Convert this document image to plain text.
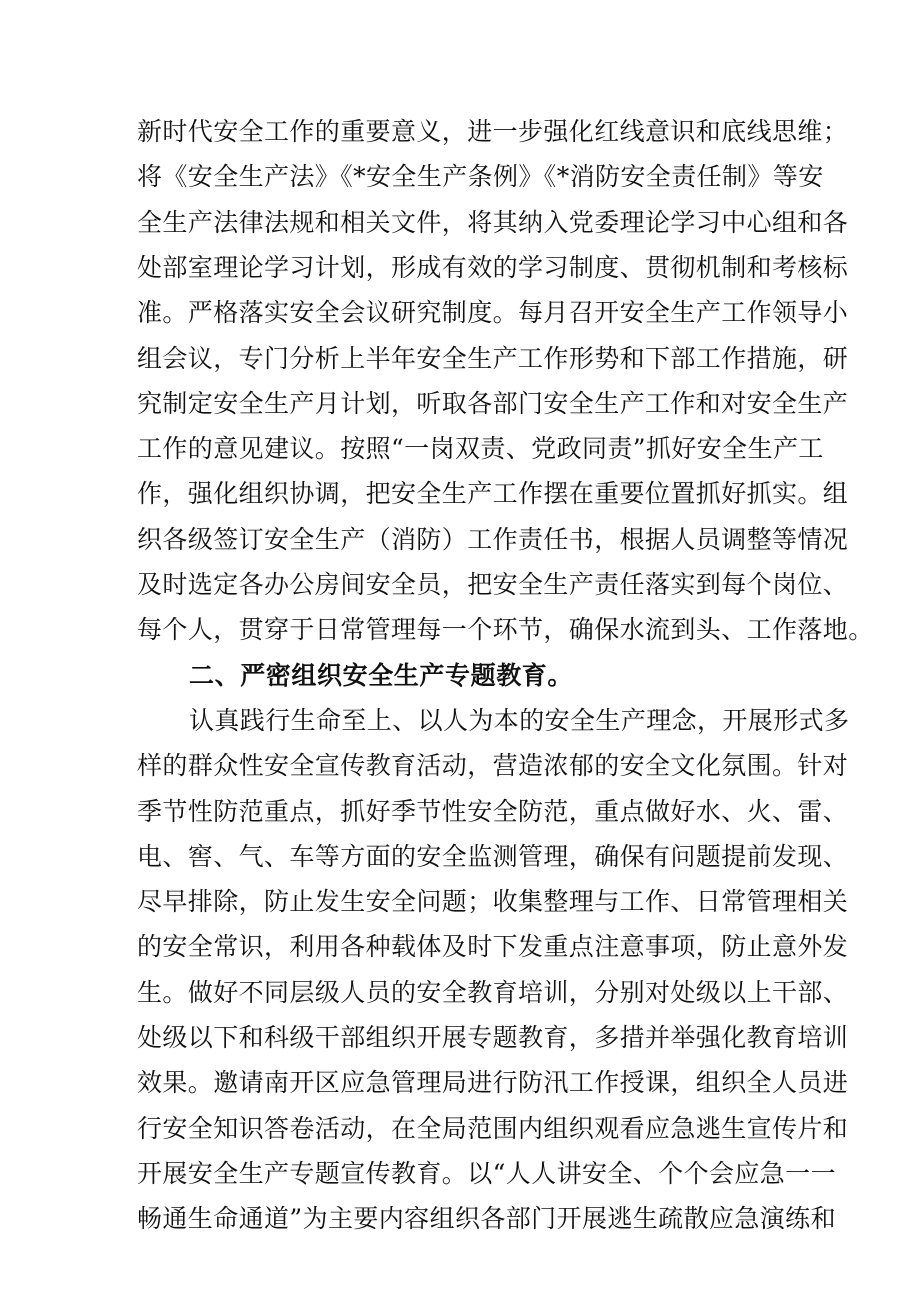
新时代安全工作的重要意义，进一步强化红线意识和底线思维；
将《安全生产法》《*安全生产条例》《*消防安全责任制》等安
全生产法律法规和相关文件，将其纳入党委理论学习中心组和各
处部室理论学习计划，形成有效的学习制度、贯彻机制和考核标
准。严格落实安全会议研究制度。每月召开安全生产工作领导小
组会议，专门分析上半年安全生产工作形势和下部工作措施，研
究制定安全生产月计划，听取各部门安全生产工作和对安全生产
工作的意见建议。按照“一岗双责、党政同责”抓好安全生产工
作，强化组织协调，把安全生产工作摆在重要位置抓好抓实。组
织各级签订安全生产（消防）工作责任书，根据人员调整等情况
及时选定各办公房间安全员，把安全生产责任落实到每个岗位、
每个人，贯穿于日常管理每一个环节，确保水流到头、工作落地。
二、严密组织安全生产专题教育。
认真践行生命至上、以人为本的安全生产理念，开展形式多
样的群众性安全宣传教育活动，营造浓郁的安全文化氛围。针对
季节性防范重点，抓好季节性安全防范，重点做好水、火、雷、
电、窖、气、车等方面的安全监测管理，确保有问题提前发现、
尽早排除，防止发生安全问题；收集整理与工作、日常管理相关
的安全常识，利用各种载体及时下发重点注意事项，防止意外发
生。做好不同层级人员的安全教育培训，分别对处级以上干部、
处级以下和科级干部组织开展专题教育，多措并举强化教育培训
效果。邀请南开区应急管理局进行防汛工作授课，组织全人员进
行安全知识答卷活动，在全局范围内组织观看应急逃生宣传片和
开展安全生产专题宣传教育。以“人人讲安全、个个会应急一一
畅通生命通道”为主要内容组织各部门开展逃生疏散应急演练和
